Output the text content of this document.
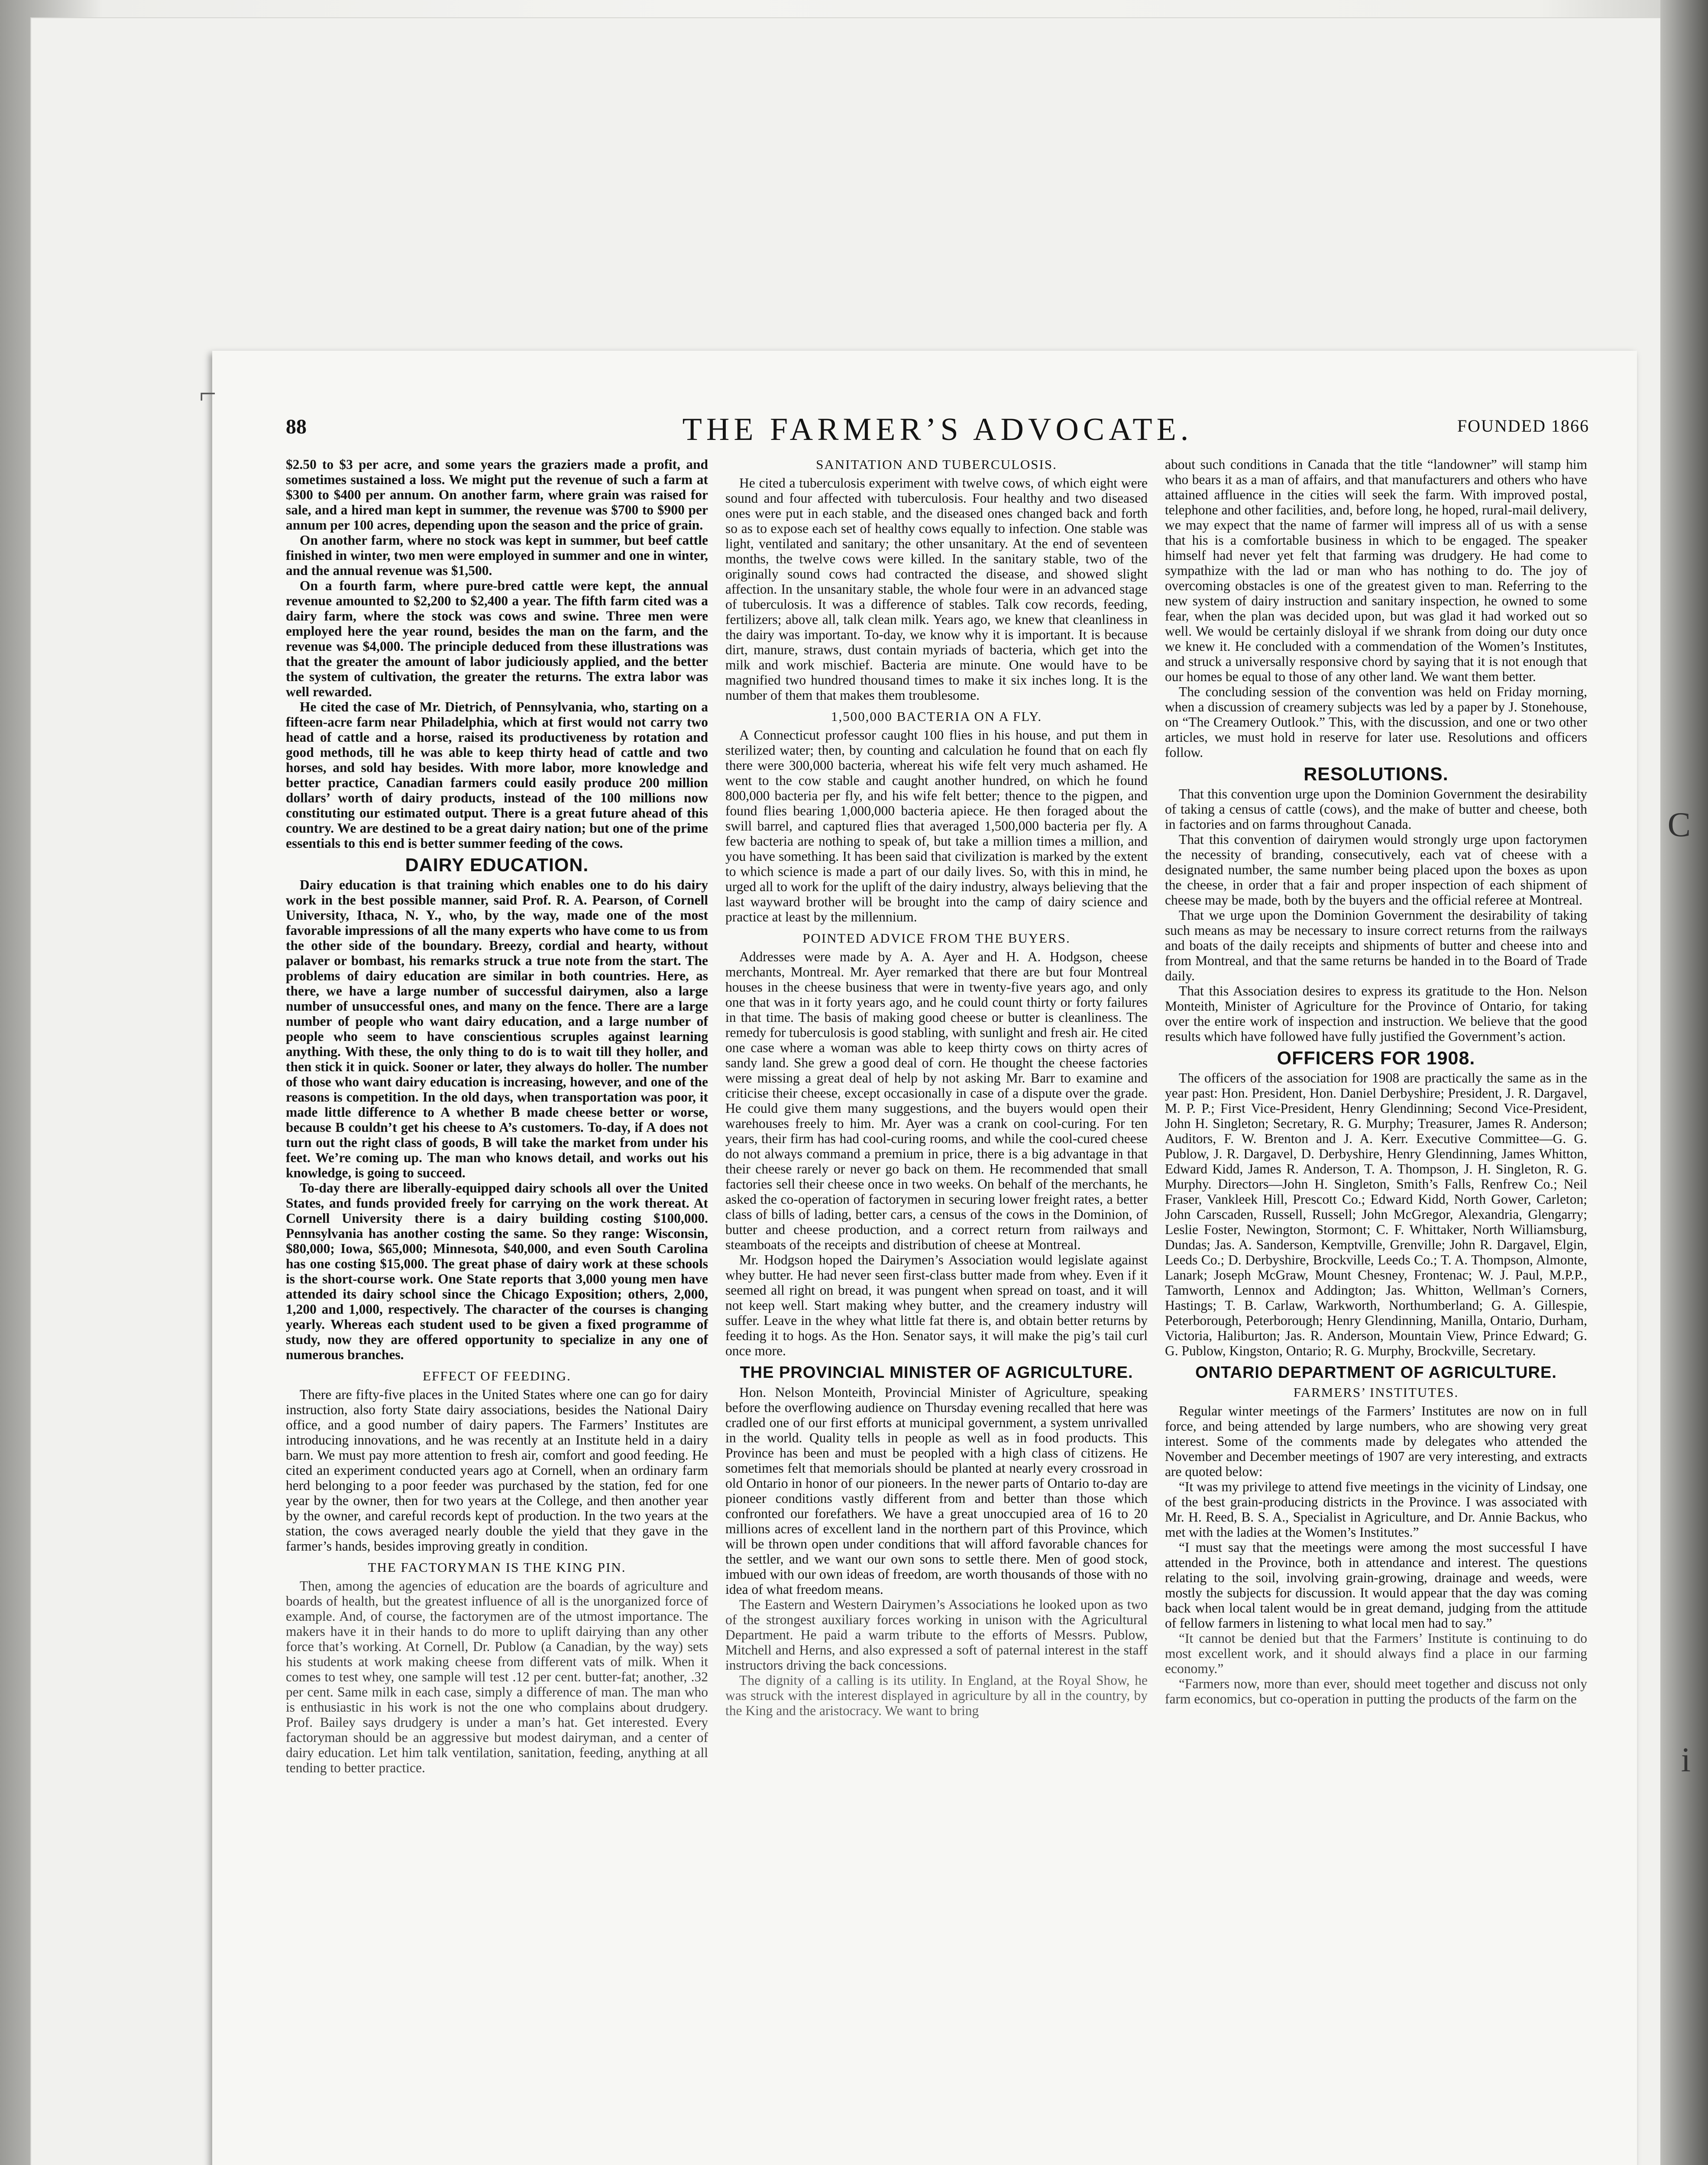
C
i
⌐
88	THE FARMER’S ADVOCATE.	FOUNDED 1866

$2.50 to $3 per acre, and some years the graziers made a profit, and sometimes sustained a loss. We might put the revenue of such a farm at $300 to $400 per annum. On another farm, where grain was raised for sale, and a hired man kept in summer, the revenue was $700 to $900 per annum per 100 acres, depending upon the season and the price of grain.

On another farm, where no stock was kept in summer, but beef cattle finished in winter, two men were employed in summer and one in winter, and the annual revenue was $1,500.

On a fourth farm, where pure-bred cattle were kept, the annual revenue amounted to $2,200 to $2,400 a year. The fifth farm cited was a dairy farm, where the stock was cows and swine. Three men were employed here the year round, besides the man on the farm, and the revenue was $4,000. The principle deduced from these illustrations was that the greater the amount of labor judiciously applied, and the better the system of cultivation, the greater the returns. The extra labor was well rewarded.

He cited the case of Mr. Dietrich, of Pennsylvania, who, starting on a fifteen-acre farm near Philadelphia, which at first would not carry two head of cattle and a horse, raised its productiveness by rotation and good methods, till he was able to keep thirty head of cattle and two horses, and sold hay besides. With more labor, more knowledge and better practice, Canadian farmers could easily produce 200 million dollars’ worth of dairy products, instead of the 100 millions now constituting our estimated output. There is a great future ahead of this country. We are destined to be a great dairy nation; but one of the prime essentials to this end is better summer feeding of the cows.

DAIRY EDUCATION.

Dairy education is that training which enables one to do his dairy work in the best possible manner, said Prof. R. A. Pearson, of Cornell University, Ithaca, N. Y., who, by the way, made one of the most favorable impressions of all the many experts who have come to us from the other side of the boundary. Breezy, cordial and hearty, without palaver or bombast, his remarks struck a true note from the start. The problems of dairy education are similar in both countries. Here, as there, we have a large number of successful dairymen, also a large number of unsuccessful ones, and many on the fence. There are a large number of people who want dairy education, and a large number of people who seem to have conscientious scruples against learning anything. With these, the only thing to do is to wait till they holler, and then stick it in quick. Sooner or later, they always do holler. The number of those who want dairy education is increasing, however, and one of the reasons is competition. In the old days, when transportation was poor, it made little difference to A whether B made cheese better or worse, because B couldn’t get his cheese to A’s customers. To-day, if A does not turn out the right class of goods, B will take the market from under his feet. We’re coming up. The man who knows detail, and works out his knowledge, is going to succeed.

To-day there are liberally-equipped dairy schools all over the United States, and funds provided freely for carrying on the work thereat. At Cornell University there is a dairy building costing $100,000. Pennsylvania has another costing the same. So they range: Wisconsin, $80,000; Iowa, $65,000; Minnesota, $40,000, and even South Carolina has one costing $15,000. The great phase of dairy work at these schools is the short-course work. One State reports that 3,000 young men have attended its dairy school since the Chicago Exposition; others, 2,000, 1,200 and 1,000, respectively. The character of the courses is changing yearly. Whereas each student used to be given a fixed programme of study, now they are offered opportunity to specialize in any one of numerous branches.

EFFECT OF FEEDING.

There are fifty-five places in the United States where one can go for dairy instruction, also forty State dairy associations, besides the National Dairy office, and a good number of dairy papers. The Farmers’ Institutes are introducing innovations, and he was recently at an Institute held in a dairy barn. We must pay more attention to fresh air, comfort and good feeding. He cited an experiment conducted years ago at Cornell, when an ordinary farm herd belonging to a poor feeder was purchased by the station, fed for one year by the owner, then for two years at the College, and then another year by the owner, and careful records kept of production. In the two years at the station, the cows averaged nearly double the yield that they gave in the farmer’s hands, besides improving greatly in condition.

THE FACTORYMAN IS THE KING PIN.

Then, among the agencies of education are the boards of agriculture and boards of health, but the greatest influence of all is the unorganized force of example. And, of course, the factorymen are of the utmost importance. The makers have it in their hands to do more to uplift dairying than any other force that’s working. At Cornell, Dr. Publow (a Canadian, by the way) sets his students at work making cheese from different vats of milk. When it comes to test whey, one sample will test .12 per cent. butter-fat; another, .32 per cent. Same milk in each case, simply a difference of man. The man who is enthusiastic in his work is not the one who complains about drudgery. Prof. Bailey says drudgery is under a man’s hat. Get interested. Every factoryman should be an aggressive but modest dairyman, and a center of dairy education. Let him talk ventilation, sanitation, feeding, anything at all tending to better practice.

SANITATION AND TUBERCULOSIS.

He cited a tuberculosis experiment with twelve cows, of which eight were sound and four affected with tuberculosis. Four healthy and two diseased ones were put in each stable, and the diseased ones changed back and forth so as to expose each set of healthy cows equally to infection. One stable was light, ventilated and sanitary; the other unsanitary. At the end of seventeen months, the twelve cows were killed. In the sanitary stable, two of the originally sound cows had contracted the disease, and showed slight affection. In the unsanitary stable, the whole four were in an advanced stage of tuberculosis. It was a difference of stables. Talk cow records, feeding, fertilizers; above all, talk clean milk. Years ago, we knew that cleanliness in the dairy was important. To-day, we know why it is important. It is because dirt, manure, straws, dust contain myriads of bacteria, which get into the milk and work mischief. Bacteria are minute. One would have to be magnified two hundred thousand times to make it six inches long. It is the number of them that makes them troublesome.

1,500,000 BACTERIA ON A FLY.

A Connecticut professor caught 100 flies in his house, and put them in sterilized water; then, by counting and calculation he found that on each fly there were 300,000 bacteria, whereat his wife felt very much ashamed. He went to the cow stable and caught another hundred, on which he found 800,000 bacteria per fly, and his wife felt better; thence to the pigpen, and found flies bearing 1,000,000 bacteria apiece. He then foraged about the swill barrel, and captured flies that averaged 1,500,000 bacteria per fly. A few bacteria are nothing to speak of, but take a million times a million, and you have something. It has been said that civilization is marked by the extent to which science is made a part of our daily lives. So, with this in mind, he urged all to work for the uplift of the dairy industry, always believing that the last wayward brother will be brought into the camp of dairy science and practice at least by the millennium.

POINTED ADVICE FROM THE BUYERS.

Addresses were made by A. A. Ayer and H. A. Hodgson, cheese merchants, Montreal. Mr. Ayer remarked that there are but four Montreal houses in the cheese business that were in twenty-five years ago, and only one that was in it forty years ago, and he could count thirty or forty failures in that time. The basis of making good cheese or butter is cleanliness. The remedy for tuberculosis is good stabling, with sunlight and fresh air. He cited one case where a woman was able to keep thirty cows on thirty acres of sandy land. She grew a good deal of corn. He thought the cheese factories were missing a great deal of help by not asking Mr. Barr to examine and criticise their cheese, except occasionally in case of a dispute over the grade. He could give them many suggestions, and the buyers would open their warehouses freely to him. Mr. Ayer was a crank on cool-curing. For ten years, their firm has had cool-curing rooms, and while the cool-cured cheese do not always command a premium in price, there is a big advantage in that their cheese rarely or never go back on them. He recommended that small factories sell their cheese once in two weeks. On behalf of the merchants, he asked the co-operation of factorymen in securing lower freight rates, a better class of bills of lading, better cars, a census of the cows in the Dominion, of butter and cheese production, and a correct return from railways and steamboats of the receipts and distribution of cheese at Montreal.

Mr. Hodgson hoped the Dairymen’s Association would legislate against whey butter. He had never seen first-class butter made from whey. Even if it seemed all right on bread, it was pungent when spread on toast, and it will not keep well. Start making whey butter, and the creamery industry will suffer. Leave in the whey what little fat there is, and obtain better returns by feeding it to hogs. As the Hon. Senator says, it will make the pig’s tail curl once more.

THE PROVINCIAL MINISTER OF AGRICULTURE.

Hon. Nelson Monteith, Provincial Minister of Agriculture, speaking before the overflowing audience on Thursday evening recalled that here was cradled one of our first efforts at municipal government, a system unrivalled in the world. Quality tells in people as well as in food products. This Province has been and must be peopled with a high class of citizens. He sometimes felt that memorials should be planted at nearly every crossroad in old Ontario in honor of our pioneers. In the newer parts of Ontario to-day are pioneer conditions vastly different from and better than those which confronted our forefathers. We have a great unoccupied area of 16 to 20 millions acres of excellent land in the northern part of this Province, which will be thrown open under conditions that will afford favorable chances for the settler, and we want our own sons to settle there. Men of good stock, imbued with our own ideas of freedom, are worth thousands of those with no idea of what freedom means.

The Eastern and Western Dairymen’s Associations he looked upon as two of the strongest auxiliary forces working in unison with the Agricultural Department. He paid a warm tribute to the efforts of Messrs. Publow, Mitchell and Herns, and also expressed a soft of paternal interest in the staff instructors driving the back concessions.

The dignity of a calling is its utility. In England, at the Royal Show, he was struck with the interest displayed in agriculture by all in the country, by the King and the aristocracy. We want to bring

about such conditions in Canada that the title “landowner” will stamp him who bears it as a man of affairs, and that manufacturers and others who have attained affluence in the cities will seek the farm. With improved postal, telephone and other facilities, and, before long, he hoped, rural-mail delivery, we may expect that the name of farmer will impress all of us with a sense that his is a comfortable business in which to be engaged. The speaker himself had never yet felt that farming was drudgery. He had come to sympathize with the lad or man who has nothing to do. The joy of overcoming obstacles is one of the greatest given to man. Referring to the new system of dairy instruction and sanitary inspection, he owned to some fear, when the plan was decided upon, but was glad it had worked out so well. We would be certainly disloyal if we shrank from doing our duty once we knew it. He concluded with a commendation of the Women’s Institutes, and struck a universally responsive chord by saying that it is not enough that our homes be equal to those of any other land. We want them better.

The concluding session of the convention was held on Friday morning, when a discussion of creamery subjects was led by a paper by J. Stonehouse, on “The Creamery Outlook.” This, with the discussion, and one or two other articles, we must hold in reserve for later use. Resolutions and officers follow.

RESOLUTIONS.

That this convention urge upon the Dominion Government the desirability of taking a census of cattle (cows), and the make of butter and cheese, both in factories and on farms throughout Canada.

That this convention of dairymen would strongly urge upon factorymen the necessity of branding, consecutively, each vat of cheese with a designated number, the same number being placed upon the boxes as upon the cheese, in order that a fair and proper inspection of each shipment of cheese may be made, both by the buyers and the official referee at Montreal.

That we urge upon the Dominion Government the desirability of taking such means as may be necessary to insure correct returns from the railways and boats of the daily receipts and shipments of butter and cheese into and from Montreal, and that the same returns be handed in to the Board of Trade daily.

That this Association desires to express its gratitude to the Hon. Nelson Monteith, Minister of Agriculture for the Province of Ontario, for taking over the entire work of inspection and instruction. We believe that the good results which have followed have fully justified the Government’s action.

OFFICERS FOR 1908.

The officers of the association for 1908 are practically the same as in the year past: Hon. President, Hon. Daniel Derbyshire; President, J. R. Dargavel, M. P. P.; First Vice-President, Henry Glendinning; Second Vice-President, John H. Singleton; Secretary, R. G. Murphy; Treasurer, James R. Anderson; Auditors, F. W. Brenton and J. A. Kerr. Executive Committee—G. G. Publow, J. R. Dargavel, D. Derbyshire, Henry Glendinning, James Whitton, Edward Kidd, James R. Anderson, T. A. Thompson, J. H. Singleton, R. G. Murphy. Directors—John H. Singleton, Smith’s Falls, Renfrew Co.; Neil Fraser, Vankleek Hill, Prescott Co.; Edward Kidd, North Gower, Carleton; John Carscaden, Russell, Russell; John McGregor, Alexandria, Glengarry; Leslie Foster, Newington, Stormont; C. F. Whittaker, North Williamsburg, Dundas; Jas. A. Sanderson, Kemptville, Grenville; John R. Dargavel, Elgin, Leeds Co.; D. Derbyshire, Brockville, Leeds Co.; T. A. Thompson, Almonte, Lanark; Joseph McGraw, Mount Chesney, Frontenac; W. J. Paul, M.P.P., Tamworth, Lennox and Addington; Jas. Whitton, Wellman’s Corners, Hastings; T. B. Carlaw, Warkworth, Northumberland; G. A. Gillespie, Peterborough, Peterborough; Henry Glendinning, Manilla, Ontario, Durham, Victoria, Haliburton; Jas. R. Anderson, Mountain View, Prince Edward; G. G. Publow, Kingston, Ontario; R. G. Murphy, Brockville, Secretary.

ONTARIO DEPARTMENT OF AGRICULTURE.
FARMERS’ INSTITUTES.

Regular winter meetings of the Farmers’ Institutes are now on in full force, and being attended by large numbers, who are showing very great interest. Some of the comments made by delegates who attended the November and December meetings of 1907 are very interesting, and extracts are quoted below:

“It was my privilege to attend five meetings in the vicinity of Lindsay, one of the best grain-producing districts in the Province. I was associated with Mr. H. Reed, B. S. A., Specialist in Agriculture, and Dr. Annie Backus, who met with the ladies at the Women’s Institutes.”

“I must say that the meetings were among the most successful I have attended in the Province, both in attendance and interest. The questions relating to the soil, involving grain-growing, drainage and weeds, were mostly the subjects for discussion. It would appear that the day was coming back when local talent would be in great demand, judging from the attitude of fellow farmers in listening to what local men had to say.”

“It cannot be denied but that the Farmers’ Institute is continuing to do most excellent work, and it should always find a place in our farming economy.”

“Farmers now, more than ever, should meet together and discuss not only farm economics, but co-operation in putting the products of the farm on the
